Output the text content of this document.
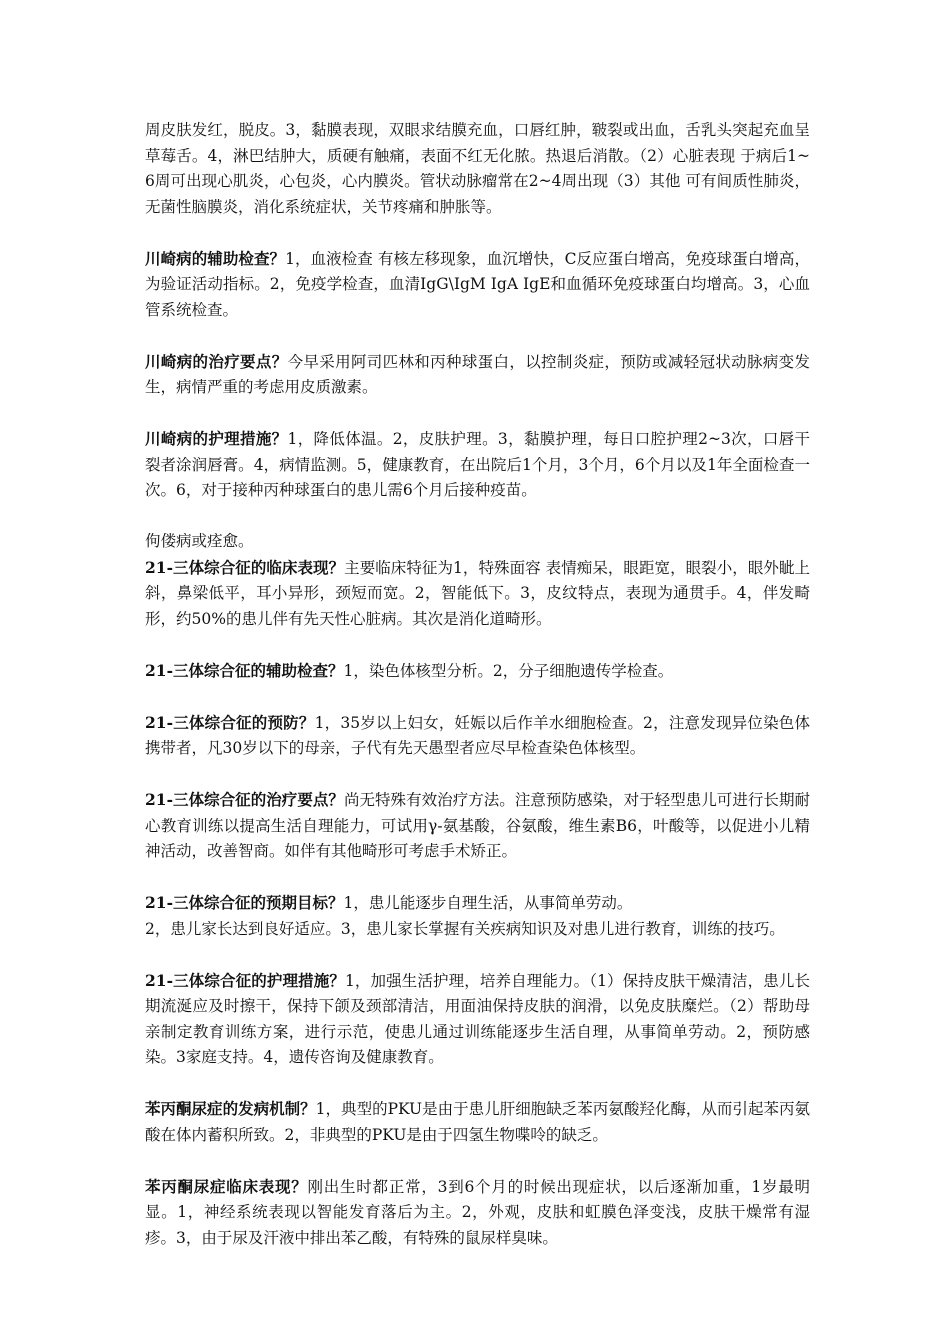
周皮肤发红，脱皮。3，黏膜表现，双眼求结膜充血，口唇红肿，皲裂或出血，舌乳头突起充血呈草莓舌。4，淋巴结肿大，质硬有触痛，表面不红无化脓。热退后消散。（2）心脏表现 于病后1~6周可出现心肌炎，心包炎，心内膜炎。管状动脉瘤常在2~4周出现（3）其他 可有间质性肺炎，无菌性脑膜炎，消化系统症状，关节疼痛和肿胀等。

川崎病的辅助检查？1，血液检查 有核左移现象，血沉增快，C反应蛋白增高，免疫球蛋白增高，为验证活动指标。2，免疫学检查，血清IgG\IgM IgA IgE和血循环免疫球蛋白均增高。3，心血管系统检查。

川崎病的治疗要点？今早采用阿司匹林和丙种球蛋白，以控制炎症，预防或减轻冠状动脉病变发生，病情严重的考虑用皮质激素。

川崎病的护理措施？1，降低体温。2，皮肤护理。3，黏膜护理，每日口腔护理2~3次，口唇干裂者涂润唇膏。4，病情监测。5，健康教育，在出院后1个月，3个月，6个月以及1年全面检查一次。6，对于接种丙种球蛋白的患儿需6个月后接种疫苗。

佝偻病或痊愈。

21-三体综合征的临床表现？主要临床特征为1，特殊面容 表情痴呆，眼距宽，眼裂小，眼外眦上斜，鼻梁低平，耳小异形，颈短而宽。2，智能低下。3，皮纹特点，表现为通贯手。4，伴发畸形，约50%的患儿伴有先天性心脏病。其次是消化道畸形。

21-三体综合征的辅助检查？1，染色体核型分析。2，分子细胞遗传学检查。

21-三体综合征的预防？1，35岁以上妇女，妊娠以后作羊水细胞检查。2，注意发现异位染色体携带者，凡30岁以下的母亲，子代有先天愚型者应尽早检查染色体核型。

21-三体综合征的治疗要点？尚无特殊有效治疗方法。注意预防感染，对于轻型患儿可进行长期耐心教育训练以提高生活自理能力，可试用γ-氨基酸，谷氨酸，维生素B6，叶酸等，以促进小儿精神活动，改善智商。如伴有其他畸形可考虑手术矫正。

21-三体综合征的预期目标？1，患儿能逐步自理生活，从事简单劳动。

2，患儿家长达到良好适应。3，患儿家长掌握有关疾病知识及对患儿进行教育，训练的技巧。

21-三体综合征的护理措施？1，加强生活护理，培养自理能力。（1）保持皮肤干燥清洁，患儿长期流涎应及时擦干，保持下颌及颈部清洁，用面油保持皮肤的润滑，以免皮肤糜烂。（2）帮助母亲制定教育训练方案，进行示范，使患儿通过训练能逐步生活自理，从事简单劳动。2，预防感染。3家庭支持。4，遗传咨询及健康教育。

苯丙酮尿症的发病机制？1，典型的PKU是由于患儿肝细胞缺乏苯丙氨酸羟化酶，从而引起苯丙氨酸在体内蓄积所致。2，非典型的PKU是由于四氢生物喋呤的缺乏。

苯丙酮尿症临床表现？刚出生时都正常，3到6个月的时候出现症状，以后逐渐加重，1岁最明显。1，神经系统表现以智能发育落后为主。2，外观，皮肤和虹膜色泽变浅，皮肤干燥常有湿疹。3，由于尿及汗液中排出苯乙酸，有特殊的鼠尿样臭味。
